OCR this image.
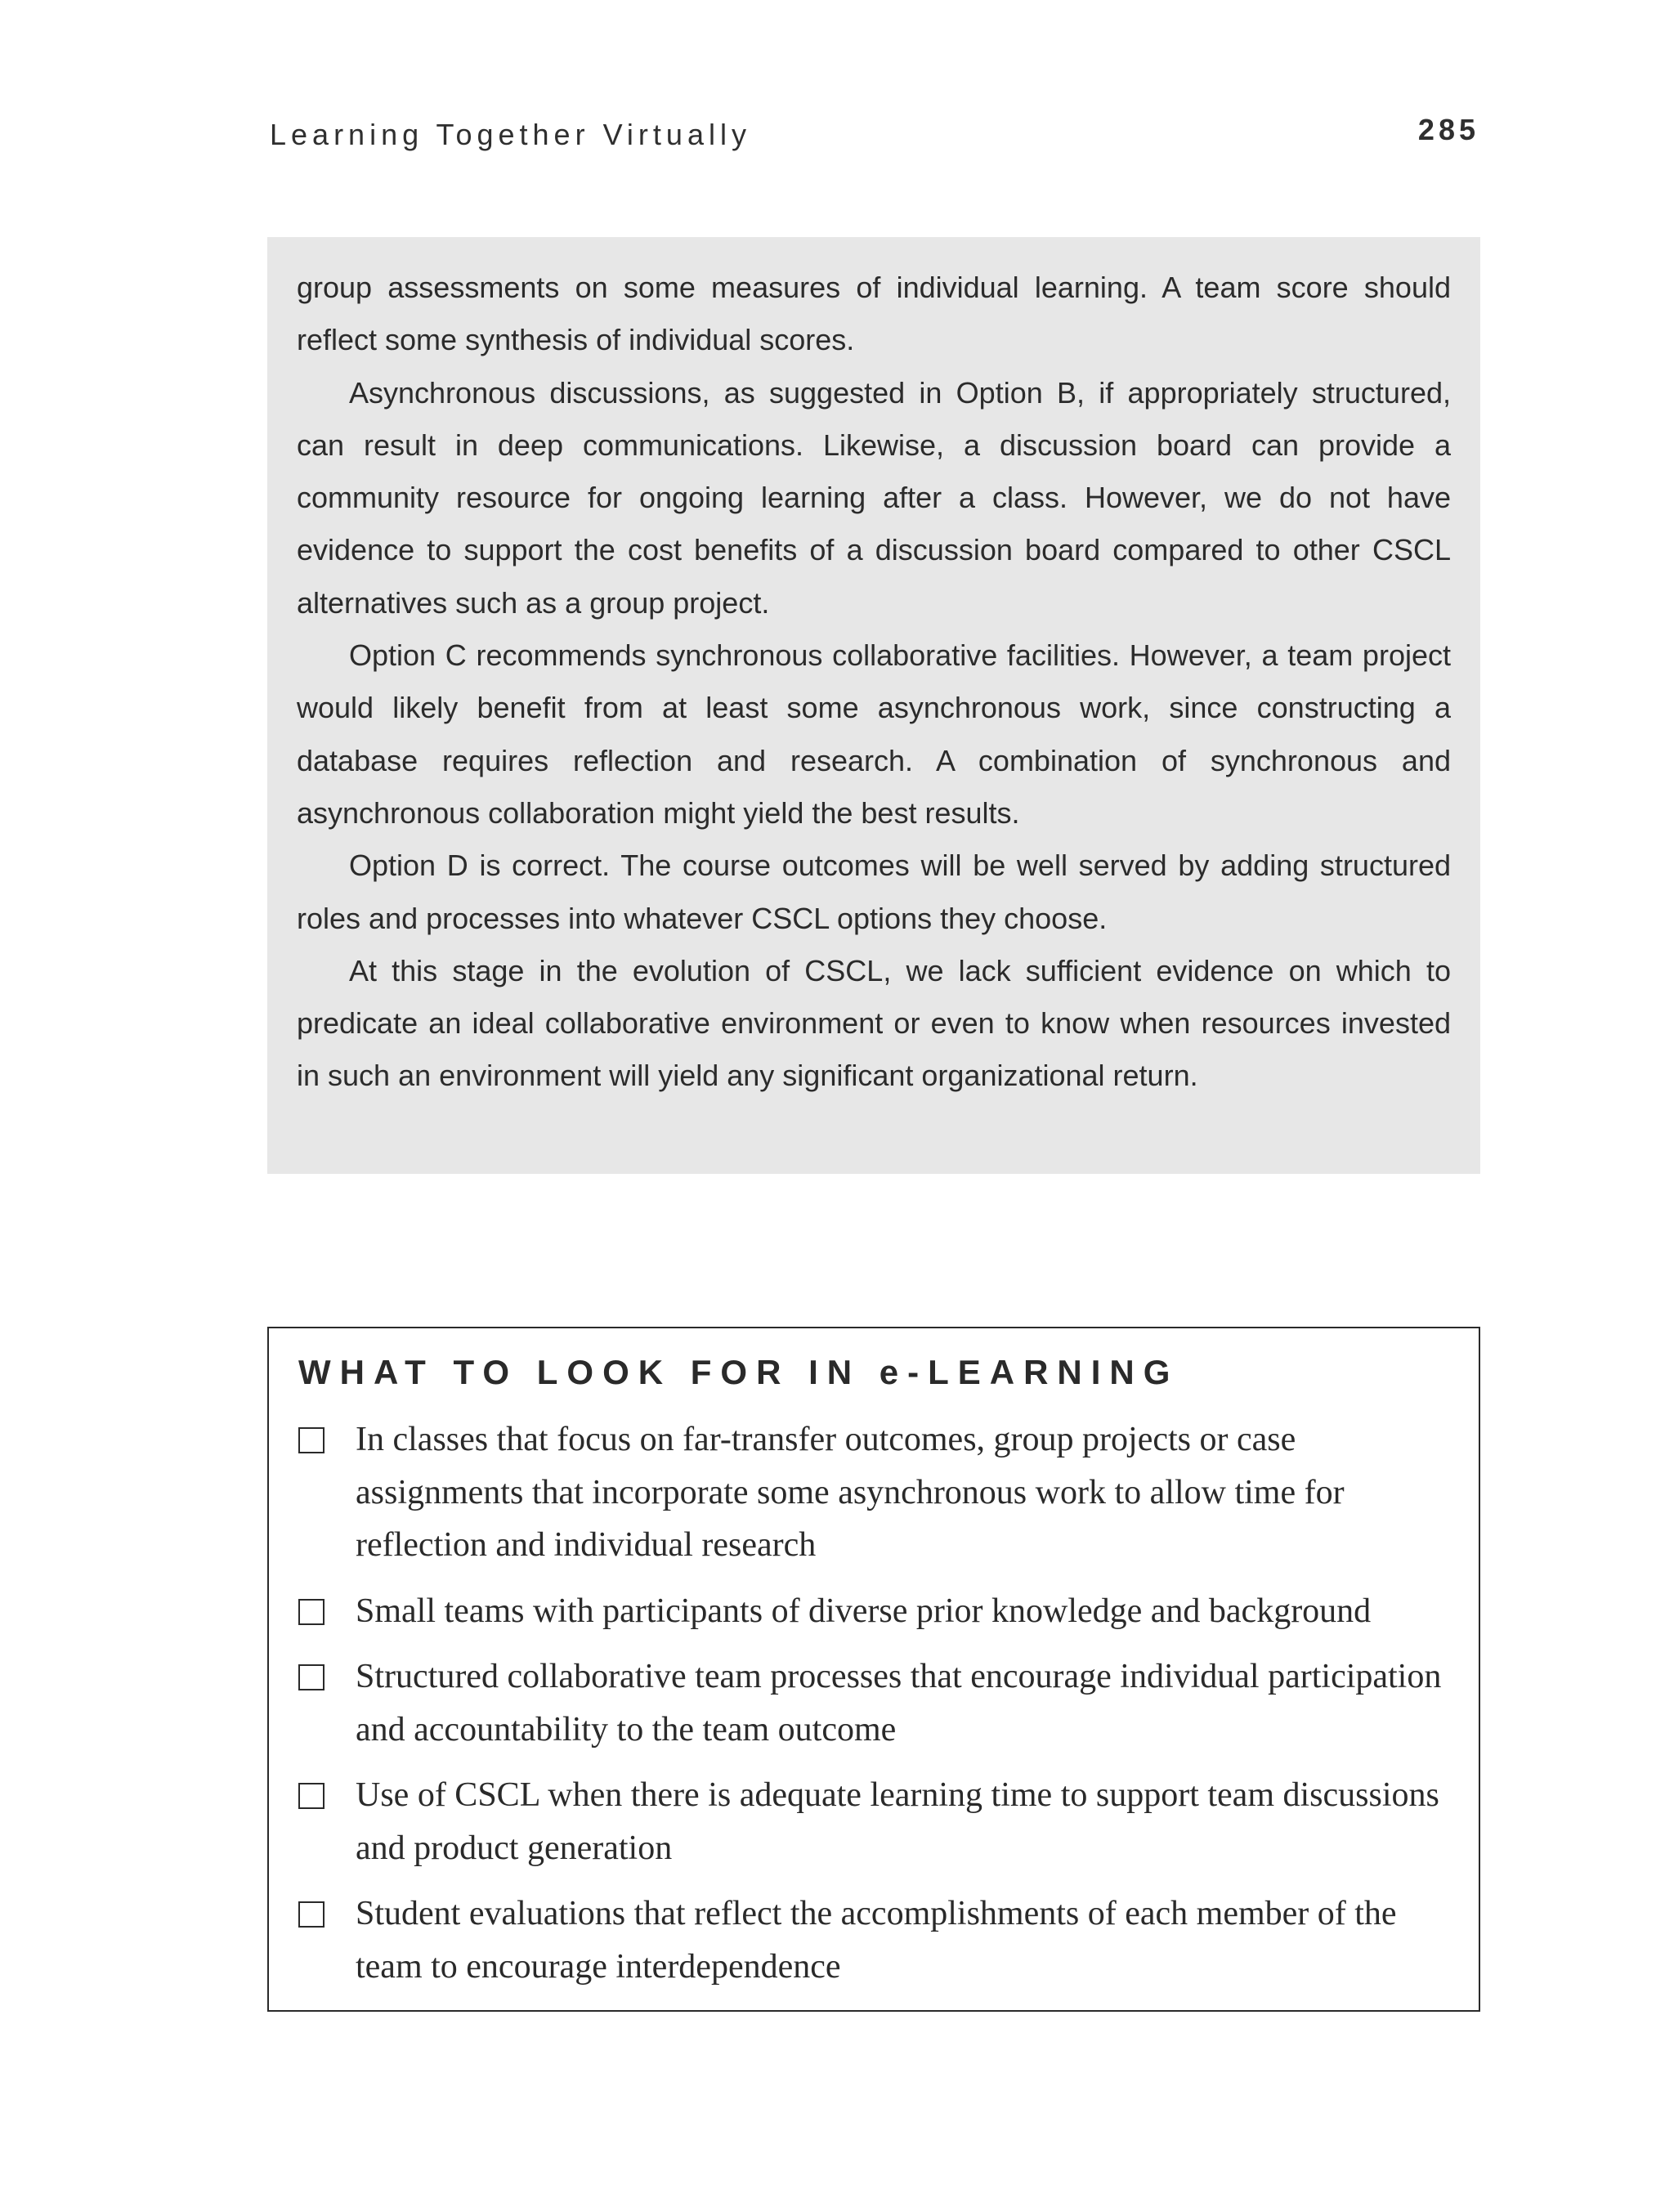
Learning Together Virtually	285

group assessments on some measures of individual learning. A team score should reflect some synthesis of individual scores.

Asynchronous discussions, as suggested in Option B, if appropriately structured, can result in deep communications. Likewise, a discussion board can provide a community resource for ongoing learning after a class. However, we do not have evidence to support the cost benefits of a discussion board compared to other CSCL alternatives such as a group project.

Option C recommends synchronous collaborative facilities. However, a team project would likely benefit from at least some asynchronous work, since constructing a database requires reflection and research. A combination of synchronous and asynchronous collaboration might yield the best results.

Option D is correct. The course outcomes will be well served by adding structured roles and processes into whatever CSCL options they choose.

At this stage in the evolution of CSCL, we lack sufficient evidence on which to predicate an ideal collaborative environment or even to know when resources invested in such an environment will yield any significant organizational return.

WHAT TO LOOK FOR IN e-LEARNING
In classes that focus on far-transfer outcomes, group projects or case assignments that incorporate some asynchronous work to allow time for reflection and individual research
Small teams with participants of diverse prior knowledge and background
Structured collaborative team processes that encourage individual participation and accountability to the team outcome
Use of CSCL when there is adequate learning time to support team discussions and product generation
Student evaluations that reflect the accomplishments of each member of the team to encourage interdependence
